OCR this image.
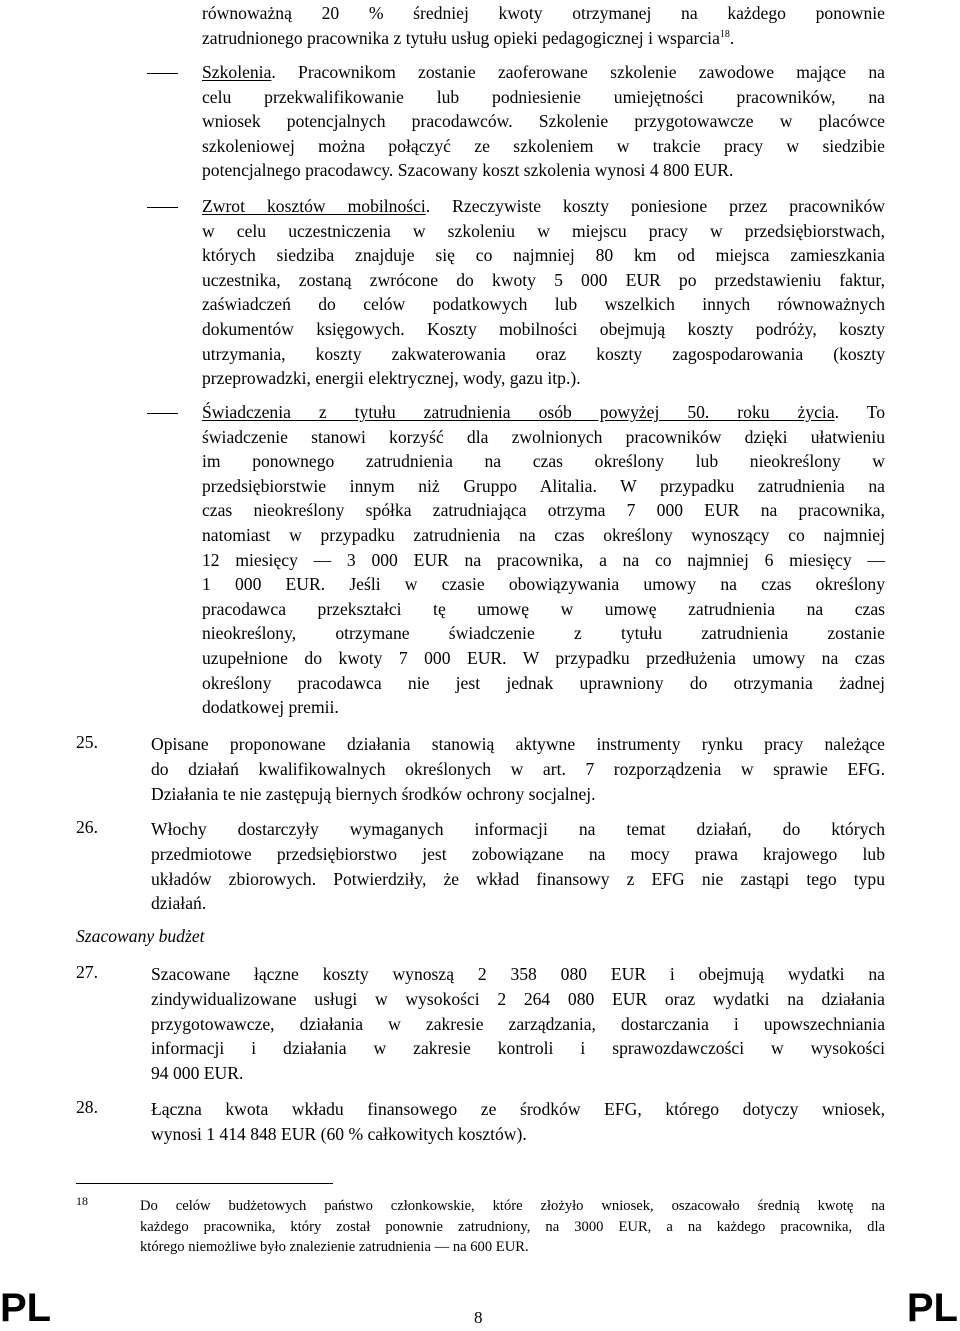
równoważną 20 % średniej kwoty otrzymanej na każdego ponownie
zatrudnionego pracownika z tytułu usług opieki pedagogicznej i wsparcia$^{18}$.
Szkolenia. Pracownikom zostanie zaoferowane szkolenie zawodowe mające na
celu przekwalifikowanie lub podniesienie umiejętności pracowników, na
wniosek potencjalnych pracodawców. Szkolenie przygotowawcze w placówce
szkoleniowej można połączyć ze szkoleniem w trakcie pracy w siedzibie
potencjalnego pracodawcy. Szacowany koszt szkolenia wynosi 4 800 EUR.
Zwrot kosztów mobilności. Rzeczywiste koszty poniesione przez pracowników
w celu uczestniczenia w szkoleniu w miejscu pracy w przedsiębiorstwach,
których siedziba znajduje się co najmniej 80 km od miejsca zamieszkania
uczestnika, zostaną zwrócone do kwoty 5 000 EUR po przedstawieniu faktur,
zaświadczeń do celów podatkowych lub wszelkich innych równoważnych
dokumentów księgowych. Koszty mobilności obejmują koszty podróży, koszty
utrzymania, koszty zakwaterowania oraz koszty zagospodarowania (koszty
przeprowadzki, energii elektrycznej, wody, gazu itp.).
Świadczenia z tytułu zatrudnienia osób powyżej 50. roku życia. To
świadczenie stanowi korzyść dla zwolnionych pracowników dzięki ułatwieniu
im ponownego zatrudnienia na czas określony lub nieokreślony w
przedsiębiorstwie innym niż Gruppo Alitalia. W przypadku zatrudnienia na
czas nieokreślony spółka zatrudniająca otrzyma 7 000 EUR na pracownika,
natomiast w przypadku zatrudnienia na czas określony wynoszący co najmniej
12 miesięcy — 3 000 EUR na pracownika, a na co najmniej 6 miesięcy —
1 000 EUR. Jeśli w czasie obowiązywania umowy na czas określony
pracodawca przekształci tę umowę w umowę zatrudnienia na czas
nieokreślony, otrzymane świadczenie z tytułu zatrudnienia zostanie
uzupełnione do kwoty 7 000 EUR. W przypadku przedłużenia umowy na czas
określony pracodawca nie jest jednak uprawniony do otrzymania żadnej
dodatkowej premii.
25.	Opisane proponowane działania stanowią aktywne instrumenty rynku pracy należące
do działań kwalifikowalnych określonych w art. 7 rozporządzenia w sprawie EFG.
Działania te nie zastępują biernych środków ochrony socjalnej.
26.	Włochy dostarczyły wymaganych informacji na temat działań, do których
przedmiotowe przedsiębiorstwo jest zobowiązane na mocy prawa krajowego lub
układów zbiorowych. Potwierdziły, że wkład finansowy z EFG nie zastąpi tego typu
działań.
Szacowany budżet
27.	Szacowane łączne koszty wynoszą 2 358 080 EUR i obejmują wydatki na
zindywidualizowane usługi w wysokości 2 264 080 EUR oraz wydatki na działania
przygotowawcze, działania w zakresie zarządzania, dostarczania i upowszechniania
informacji i działania w zakresie kontroli i sprawozdawczości w wysokości
94 000 EUR.
28.	Łączna kwota wkładu finansowego ze środków EFG, którego dotyczy wniosek,
wynosi 1 414 848 EUR (60 % całkowitych kosztów).
18	Do celów budżetowych państwo członkowskie, które złożyło wniosek, oszacowało średnią kwotę na
każdego pracownika, który został ponownie zatrudniony, na 3000 EUR, a na każdego pracownika, dla
którego niemożliwe było znalezienie zatrudnienia — na 600 EUR.
PL	8	PL
